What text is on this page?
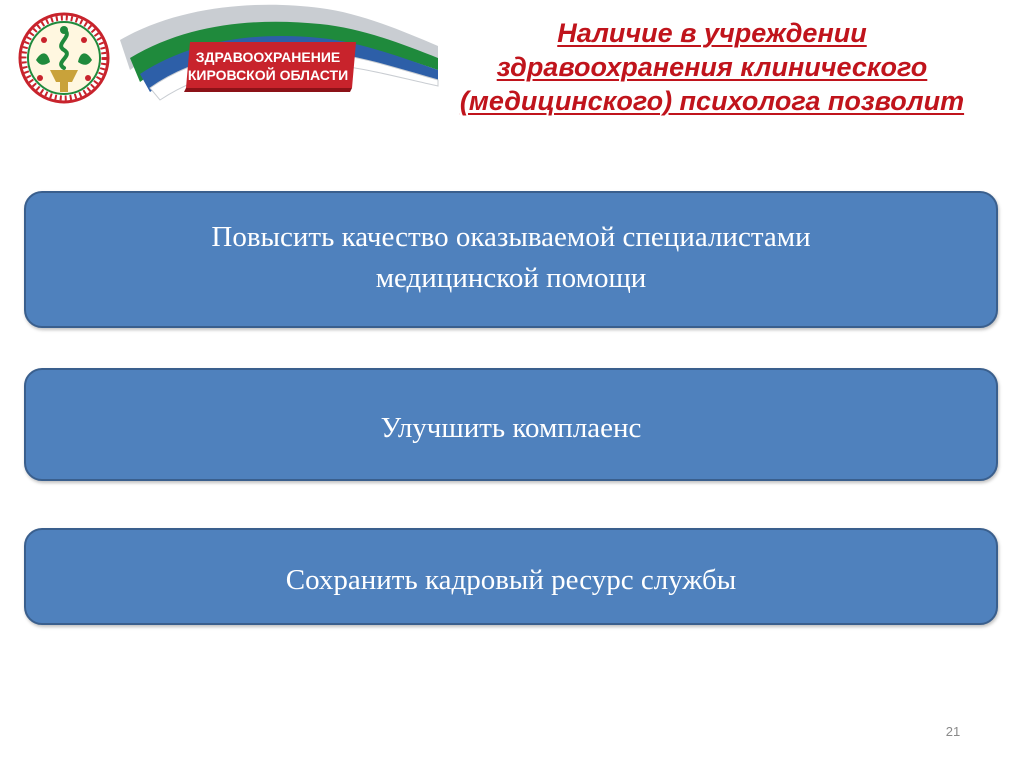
ЗДРАВООХРАНЕНИЕ
КИРОВСКОЙ ОБЛАСТИ
Наличие в учреждении
здравоохранения клинического
(медицинского) психолога позволит
Повысить качество оказываемой специалистами
медицинской помощи
Улучшить комплаенс
Сохранить кадровый ресурс службы
21
